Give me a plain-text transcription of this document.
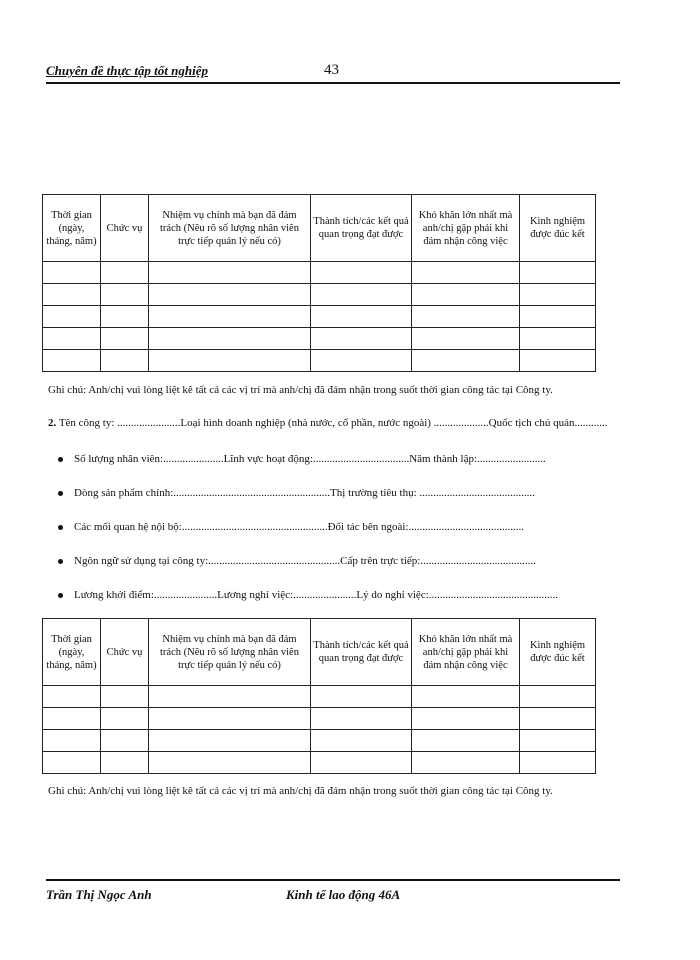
Chuyên đề thực tập tốt nghiệp	43
Thời gian (ngày, tháng, năm)	Chức vụ	Nhiệm vụ chính mà bạn đã đảm trách (Nêu rõ số lượng nhân viên trực tiếp quản lý nếu có)	Thành tích/các kết quả quan trọng đạt được	Khó khăn lớn nhất mà anh/chị gặp phải khi đảm nhận công việc	Kinh nghiệm được đúc kết

Ghi chú: Anh/chị vui lòng liệt kê tất cả các vị trí mà anh/chị đã đảm nhận trong suốt thời gian công tác tại Công ty.
2. Tên công ty: .......................Loại hình doanh nghiệp (nhà nước, cổ phần, nước ngoài) ....................Quốc tịch chủ quản............
Số lượng nhân viên:......................Lĩnh vực hoạt động:...................................Năm thành lập:.........................
Dòng sản phẩm chính:.........................................................Thị trường tiêu thụ: ..........................................
Các mối quan hệ nội bộ:.....................................................Đối tác bên ngoài:..........................................
Ngôn ngữ sử dụng tại công ty:................................................Cấp trên trực tiếp:..........................................
Lương khởi điểm:.......................Lương nghỉ việc:.......................Lý do nghỉ việc:...............................................
Thời gian (ngày, tháng, năm)	Chức vụ	Nhiệm vụ chính mà bạn đã đảm trách (Nêu rõ số lượng nhân viên trực tiếp quản lý nếu có)	Thành tích/các kết quả quan trọng đạt được	Khó khăn lớn nhất mà anh/chị gặp phải khi đảm nhận công việc	Kinh nghiệm được đúc kết

Ghi chú: Anh/chị vui lòng liệt kê tất cả các vị trí mà anh/chị đã đảm nhận trong suốt thời gian công tác tại Công ty.
Trần Thị Ngọc Anh	Kinh tế lao động 46A
